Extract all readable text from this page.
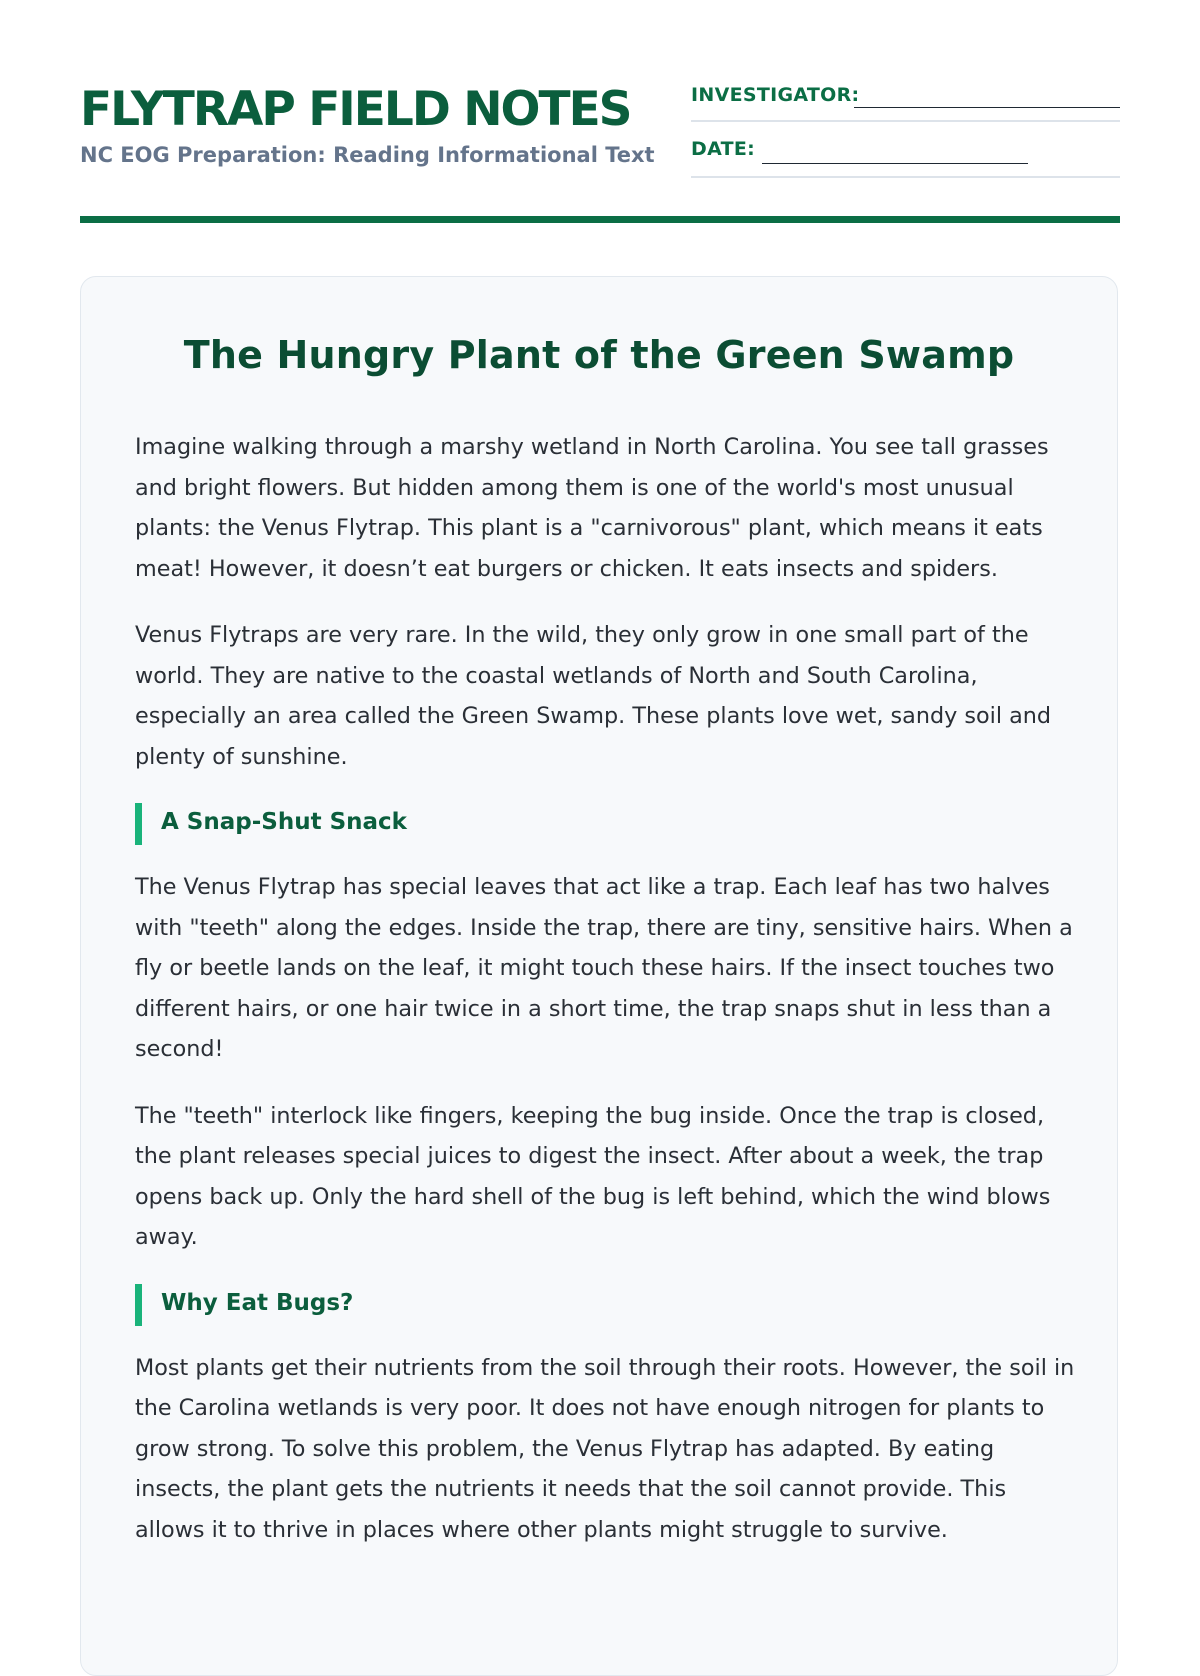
FLYTRAP FIELD NOTES
NC EOG Preparation: Reading Informational Text
INVESTIGATOR:
DATE:
The Hungry Plant of the Green Swamp

Imagine walking through a marshy wetland in North Carolina. You see tall grasses and bright flowers. But hidden among them is one of the world's most unusual plants: the Venus Flytrap. This plant is a "carnivorous" plant, which means it eats meat! However, it doesn’t eat burgers or chicken. It eats insects and spiders.

Venus Flytraps are very rare. In the wild, they only grow in one small part of the world. They are native to the coastal wetlands of North and South Carolina, especially an area called the Green Swamp. These plants love wet, sandy soil and plenty of sunshine.

A Snap-Shut Snack

The Venus Flytrap has special leaves that act like a trap. Each leaf has two halves with "teeth" along the edges. Inside the trap, there are tiny, sensitive hairs. When a fly or beetle lands on the leaf, it might touch these hairs. If the insect touches two different hairs, or one hair twice in a short time, the trap snaps shut in less than a second!

The "teeth" interlock like fingers, keeping the bug inside. Once the trap is closed, the plant releases special juices to digest the insect. After about a week, the trap opens back up. Only the hard shell of the bug is left behind, which the wind blows away.

Why Eat Bugs?

Most plants get their nutrients from the soil through their roots. However, the soil in the Carolina wetlands is very poor. It does not have enough nitrogen for plants to grow strong. To solve this problem, the Venus Flytrap has adapted. By eating insects, the plant gets the nutrients it needs that the soil cannot provide. This allows it to thrive in places where other plants might struggle to survive.
